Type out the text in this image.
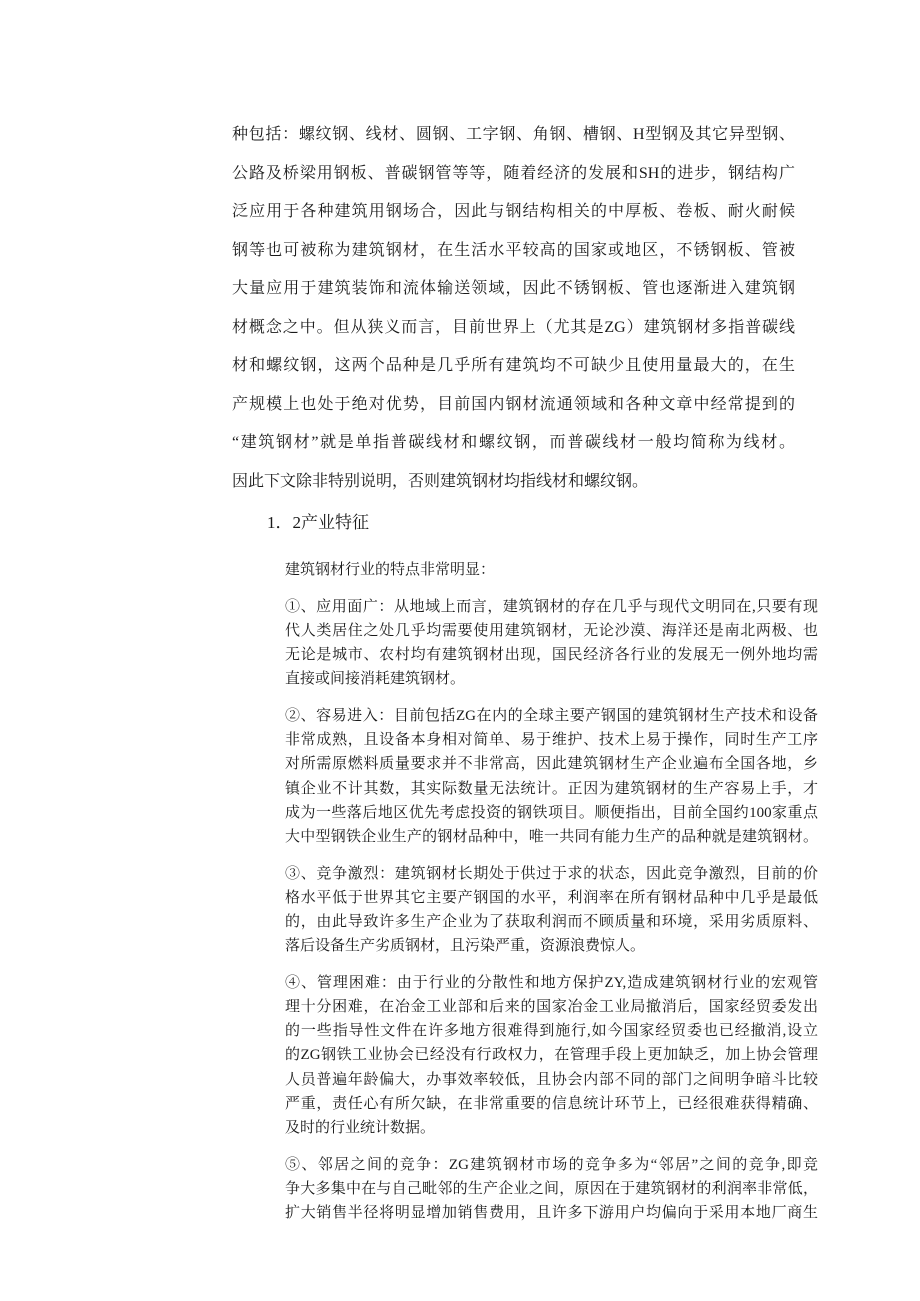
种包括：螺纹钢、线材、圆钢、工字钢、角钢、槽钢、H型钢及其它异型钢、
公路及桥梁用钢板、普碳钢管等等，随着经济的发展和SH的进步，钢结构广
泛应用于各种建筑用钢场合，因此与钢结构相关的中厚板、卷板、耐火耐候
钢等也可被称为建筑钢材，在生活水平较高的国家或地区，不锈钢板、管被
大量应用于建筑装饰和流体输送领域，因此不锈钢板、管也逐渐进入建筑钢
材概念之中。但从狭义而言，目前世界上（尤其是ZG）建筑钢材多指普碳线
材和螺纹钢，这两个品种是几乎所有建筑均不可缺少且使用量最大的，在生
产规模上也处于绝对优势，目前国内钢材流通领域和各种文章中经常提到的
“建筑钢材”就是单指普碳线材和螺纹钢，而普碳线材一般均简称为线材。
因此下文除非特别说明，否则建筑钢材均指线材和螺纹钢。
1．2产业特征
建筑钢材行业的特点非常明显：
①、应用面广：从地域上而言，建筑钢材的存在几乎与现代文明同在,只要有现
代人类居住之处几乎均需要使用建筑钢材，无论沙漠、海洋还是南北两极、也
无论是城市、农村均有建筑钢材出现，国民经济各行业的发展无一例外地均需
直接或间接消耗建筑钢材。
②、容易进入：目前包括ZG在内的全球主要产钢国的建筑钢材生产技术和设备
非常成熟，且设备本身相对简单、易于维护、技术上易于操作，同时生产工序
对所需原燃料质量要求并不非常高，因此建筑钢材生产企业遍布全国各地，乡
镇企业不计其数，其实际数量无法统计。正因为建筑钢材的生产容易上手，才
成为一些落后地区优先考虑投资的钢铁项目。顺便指出，目前全国约100家重点
大中型钢铁企业生产的钢材品种中，唯一共同有能力生产的品种就是建筑钢材。
③、竞争激烈：建筑钢材长期处于供过于求的状态，因此竞争激烈，目前的价
格水平低于世界其它主要产钢国的水平，利润率在所有钢材品种中几乎是最低
的，由此导致许多生产企业为了获取利润而不顾质量和环境，采用劣质原料、
落后设备生产劣质钢材，且污染严重，资源浪费惊人。
④、管理困难：由于行业的分散性和地方保护ZY,造成建筑钢材行业的宏观管
理十分困难，在冶金工业部和后来的国家冶金工业局撤消后，国家经贸委发出
的一些指导性文件在许多地方很难得到施行,如今国家经贸委也已经撤消,设立
的ZG钢铁工业协会已经没有行政权力，在管理手段上更加缺乏，加上协会管理
人员普遍年龄偏大，办事效率较低，且协会内部不同的部门之间明争暗斗比较
严重，责任心有所欠缺，在非常重要的信息统计环节上，已经很难获得精确、
及时的行业统计数据。
⑤、邻居之间的竞争：ZG建筑钢材市场的竞争多为“邻居”之间的竞争,即竞
争大多集中在与自己毗邻的生产企业之间，原因在于建筑钢材的利润率非常低，
扩大销售半径将明显增加销售费用，且许多下游用户均偏向于采用本地厂商生
